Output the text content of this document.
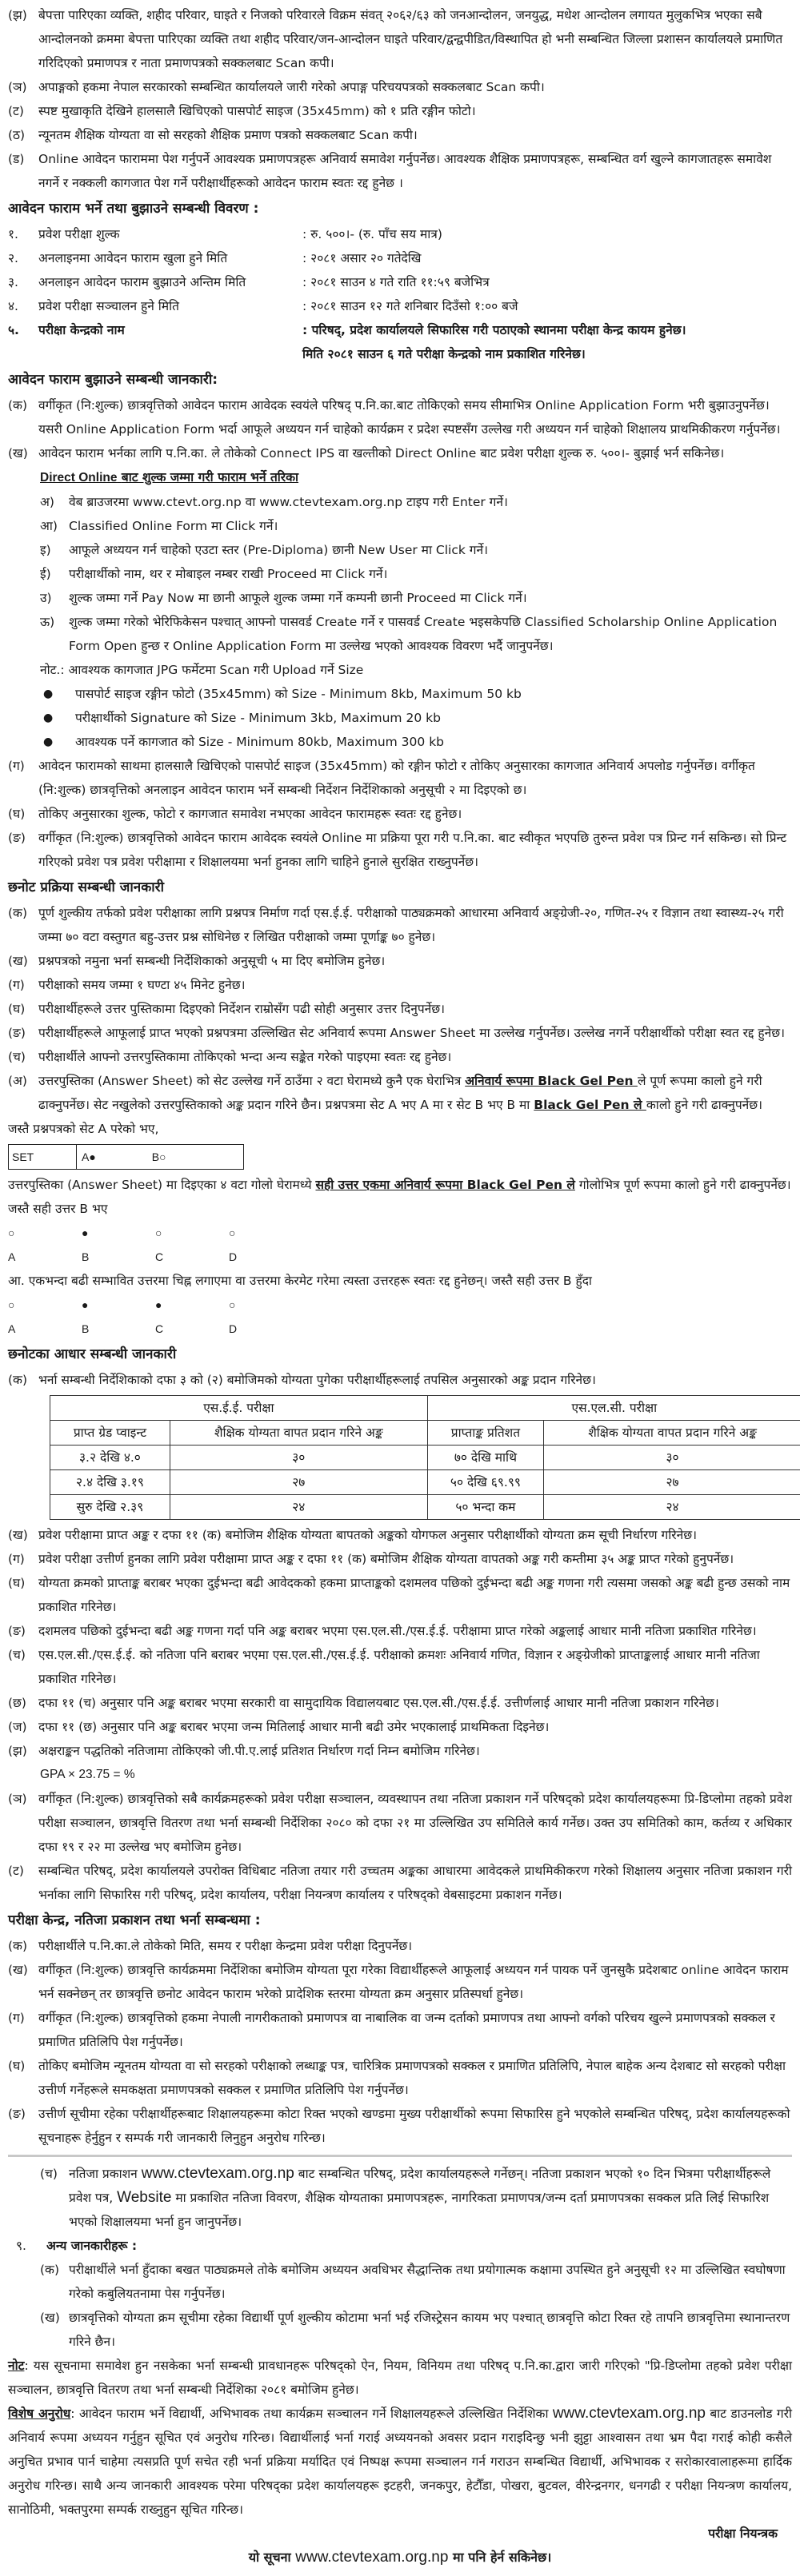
(झ) बेपत्ता पारिएका व्यक्ति, शहीद परिवार, घाइते र निजको परिवारले विक्रम संवत् २०६२/६३ को जनआन्दोलन, जनयुद्ध, मधेश आन्दोलन लगायत मुलुकभित्र भएका सबै आन्दोलनको क्रममा बेपत्ता पारिएका व्यक्ति तथा शहीद परिवार/जन-आन्दोलन घाइते परिवार/द्वन्द्वपीडित/विस्थापित हो भनी सम्बन्धित जिल्ला प्रशासन कार्यालयले प्रमाणित गरिदिएको प्रमाणपत्र र नाता प्रमाणपत्रको सक्कलबाट Scan कपी।
(ञ) अपाङ्गको हकमा नेपाल सरकारको सम्बन्धित कार्यालयले जारी गरेको अपाङ्ग परिचयपत्रको सक्कलबाट Scan कपी।
(ट)	स्पष्ट मुखाकृति देखिने हालसालै खिचिएको पासपोर्ट साइज (35x45mm) को १ प्रति रङ्गीन फोटो।
(ठ)	न्यूनतम शैक्षिक योग्यता वा सो सरहको शैक्षिक प्रमाण पत्रको सक्कलबाट Scan कपी।
(ड)	Online आवेदन फाराममा पेश गर्नुपर्ने आवश्यक प्रमाणपत्रहरू अनिवार्य समावेश गर्नुपर्नेछ। आवश्यक शैक्षिक प्रमाणपत्रहरू, सम्बन्धित वर्ग खुल्ने कागजातहरू समावेश नगर्ने र नक्कली कागजात पेश गर्ने परीक्षार्थीहरूको आवेदन फाराम स्वतः रद्द हुनेछ ।
आवेदन फाराम भर्ने तथा बुझाउने सम्बन्धी विवरण :
१.	प्रवेश परीक्षा शुल्क	: रु. ५००।- (रु. पाँच सय मात्र)
२.	अनलाइनमा आवेदन फाराम खुला हुने मिति	: २०८१ असार २० गतेदेखि
३.	अनलाइन आवेदन फाराम बुझाउने अन्तिम मिति	: २०८१ साउन ४ गते राति ११:५९ बजेभित्र
४.	प्रवेश परीक्षा सञ्चालन हुने मिति	: २०८१ साउन १२ गते शनिबार दिउँसो १:०० बजे
५.	परीक्षा केन्द्रको नाम	: परिषद्, प्रदेश कार्यालयले सिफारिस गरी पठाएको स्थानमा परीक्षा केन्द्र कायम हुनेछ।
मिति २०८१ साउन ६ गते परीक्षा केन्द्रको नाम प्रकाशित गरिनेछ।
आवेदन फाराम बुझाउने सम्बन्धी जानकारी:
(क) वर्गीकृत (नि:शुल्क) छात्रवृत्तिको आवेदन फाराम आवेदक स्वयंले परिषद् प.नि.का.बाट तोकिएको समय सीमाभित्र Online Application Form भरी बुझाउनुपर्नेछ। यसरी Online Application Form भर्दा आफूले अध्ययन गर्न चाहेको कार्यक्रम र प्रदेश स्पष्टसँग उल्लेख गरी अध्ययन गर्न चाहेको शिक्षालय प्राथमिकीकरण गर्नुपर्नेछ।
(ख) आवेदन फाराम भर्नका लागि प.नि.का. ले तोकेको Connect IPS वा खल्तीको Direct Online बाट प्रवेश परीक्षा शुल्क रु. ५००।- बुझाई भर्न सकिनेछ।
Direct Online बाट शुल्क जम्मा गरी फाराम भर्ने तरिका
अ)	वेब ब्राउजरमा www.ctevt.org.np वा www.ctevtexam.org.np टाइप गरी Enter गर्ने।
आ) Classified Online Form मा Click गर्ने।
इ)	आफूले अध्ययन गर्न चाहेको एउटा स्तर (Pre-Diploma) छानी New User मा Click गर्ने।
ई)	परीक्षार्थीको नाम, थर र मोबाइल नम्बर राखी Proceed मा Click गर्ने।
उ)	शुल्क जम्मा गर्ने Pay Now मा छानी आफूले शुल्क जम्मा गर्ने कम्पनी छानी Proceed मा Click गर्ने।
ऊ)	शुल्क जम्मा गरेको भेरिफिकेसन पश्चात् आफ्नो पासवर्ड Create गर्ने र पासवर्ड Create भइसकेपछि Classified Scholarship Online Application Form Open हुन्छ र Online Application Form मा उल्लेख भएको आवश्यक विवरण भर्दै जानुपर्नेछ।
नोट.: आवश्यक कागजात JPG फर्मेटमा Scan गरी Upload गर्ने Size
●	पासपोर्ट साइज रङ्गीन फोटो (35x45mm) को Size - Minimum 8kb, Maximum 50 kb
●	परीक्षार्थीको Signature को Size - Minimum 3kb, Maximum 20 kb
●	आवश्यक पर्ने कागजात को Size - Minimum 80kb, Maximum 300 kb
(ग)	आवेदन फारामको साथमा हालसालै खिचिएको पासपोर्ट साइज (35x45mm) को रङ्गीन फोटो र तोकिए अनुसारका कागजात अनिवार्य अपलोड गर्नुपर्नेछ। वर्गीकृत (नि:शुल्क) छात्रवृत्तिको अनलाइन आवेदन फाराम भर्ने सम्बन्धी निर्देशन निर्देशिकाको अनुसूची २ मा दिइएको छ।
(घ)	तोकिए अनुसारका शुल्क, फोटो र कागजात समावेश नभएका आवेदन फारामहरू स्वतः रद्द हुनेछ।
(ङ)	वर्गीकृत (नि:शुल्क) छात्रवृत्तिको आवेदन फाराम आवेदक स्वयंले Online मा प्रक्रिया पूरा गरी प.नि.का. बाट स्वीकृत भएपछि तुरुन्त प्रवेश पत्र प्रिन्ट गर्न सकिन्छ। सो प्रिन्ट गरिएको प्रवेश पत्र प्रवेश परीक्षामा र शिक्षालयमा भर्ना हुनका लागि चाहिने हुनाले सुरक्षित राख्नुपर्नेछ।
छनोट प्रक्रिया सम्बन्धी जानकारी
(क) पूर्ण शुल्कीय तर्फको प्रवेश परीक्षाका लागि प्रश्नपत्र निर्माण गर्दा एस.ई.ई. परीक्षाको पाठ्यक्रमको आधारमा अनिवार्य अङ्ग्रेजी-२०, गणित-२५ र विज्ञान तथा स्वास्थ्य-२५ गरी जम्मा ७० वटा वस्तुगत बहु-उत्तर प्रश्न सोधिनेछ र लिखित परीक्षाको जम्मा पूर्णाङ्क ७० हुनेछ।
(ख) प्रश्नपत्रको नमुना भर्ना सम्बन्धी निर्देशिकाको अनुसूची ५ मा दिए बमोजिम हुनेछ।
(ग)	परीक्षाको समय जम्मा १ घण्टा ४५ मिनेट हुनेछ।
(घ)	परीक्षार्थीहरूले उत्तर पुस्तिकामा दिइएको निर्देशन राम्रोसँग पढी सोही अनुसार उत्तर दिनुपर्नेछ।
(ङ)	परीक्षार्थीहरूले आफूलाई प्राप्त भएको प्रश्नपत्रमा उल्लिखित सेट अनिवार्य रूपमा Answer Sheet मा उल्लेख गर्नुपर्नेछ। उल्लेख नगर्ने परीक्षार्थीको परीक्षा स्वत रद्द हुनेछ।
(च)	परीक्षार्थीले आफ्नो उत्तरपुस्तिकामा तोकिएको भन्दा अन्य सङ्केत गरेको पाइएमा स्वतः रद्द हुनेछ।
(अ) उत्तरपुस्तिका (Answer Sheet) को सेट उल्लेख गर्ने ठाउँमा २ वटा घेरामध्ये कुनै एक घेराभित्र अनिवार्य रूपमा Black Gel Pen ले पूर्ण रूपमा कालो हुने गरी ढाक्नुपर्नेछ। सेट नखुलेको उत्तरपुस्तिकाको अङ्क प्रदान गरिने छैन। प्रश्नपत्रमा सेट A भए A मा र सेट B भए B मा Black Gel Pen ले कालो हुने गरी ढाक्नुपर्नेछ।
जस्तै प्रश्नपत्रको सेट A परेको भए,
SET	A●	B○
उत्तरपुस्तिका (Answer Sheet) मा दिइएका ४ वटा गोलो घेरामध्ये सही उत्तर एकमा अनिवार्य रूपमा Black Gel Pen ले गोलोभित्र पूर्ण रूपमा कालो हुने गरी ढाक्नुपर्नेछ। जस्तै सही उत्तर B भए
○	●	○	○
A	B	C	D
आ. एकभन्दा बढी सम्भावित उत्तरमा चिह्न लगाएमा वा उत्तरमा केरमेट गरेमा त्यस्ता उत्तरहरू स्वतः रद्द हुनेछन्। जस्तै सही उत्तर B हुँदा
○	●	●	○
A	B	C	D
छनोटका आधार सम्बन्धी जानकारी
(क) भर्ना सम्बन्धी निर्देशिकाको दफा ३ को (२) बमोजिमको योग्यता पुगेका परीक्षार्थीहरूलाई तपसिल अनुसारको अङ्क प्रदान गरिनेछ।
एस.ई.ई. परीक्षा		एस.एल.सी. परीक्षा	
प्राप्त ग्रेड प्वाइन्ट	शैक्षिक योग्यता वापत प्रदान गरिने अङ्क	प्राप्ताङ्क प्रतिशत	शैक्षिक योग्यता वापत प्रदान गरिने अङ्क
३.२ देखि ४.०	३०	७० देखि माथि	३०
२.४ देखि ३.१९	२७	५० देखि ६९.९९	२७
सुरु देखि २.३९	२४	५० भन्दा कम	२४
(ख) प्रवेश परीक्षामा प्राप्त अङ्क र दफा ११ (क) बमोजिम शैक्षिक योग्यता बापतको अङ्कको योगफल अनुसार परीक्षार्थीको योग्यता क्रम सूची निर्धारण गरिनेछ।
(ग)	प्रवेश परीक्षा उत्तीर्ण हुनका लागि प्रवेश परीक्षामा प्राप्त अङ्क र दफा ११ (क) बमोजिम शैक्षिक योग्यता वापतको अङ्क गरी कम्तीमा ३५ अङ्क प्राप्त गरेको हुनुपर्नेछ।
(घ)	योग्यता क्रमको प्राप्ताङ्क बराबर भएका दुईभन्दा बढी आवेदकको हकमा प्राप्ताङ्कको दशमलव पछिको दुईभन्दा बढी अङ्क गणना गरी त्यसमा जसको अङ्क बढी हुन्छ उसको नाम प्रकाशित गरिनेछ।
(ङ)	दशमलव पछिको दुईभन्दा बढी अङ्क गणना गर्दा पनि अङ्क बराबर भएमा एस.एल.सी./एस.ई.ई. परीक्षामा प्राप्त गरेको अङ्कलाई आधार मानी नतिजा प्रकाशित गरिनेछ।
(च)	एस.एल.सी./एस.ई.ई. को नतिजा पनि बराबर भएमा एस.एल.सी./एस.ई.ई. परीक्षाको क्रमशः अनिवार्य गणित, विज्ञान र अङ्ग्रेजीको प्राप्ताङ्कलाई आधार मानी नतिजा प्रकाशित गरिनेछ।
(छ) दफा ११ (च) अनुसार पनि अङ्क बराबर भएमा सरकारी वा सामुदायिक विद्यालयबाट एस.एल.सी./एस.ई.ई. उत्तीर्णलाई आधार मानी नतिजा प्रकाशन गरिनेछ।
(ज) दफा ११ (छ) अनुसार पनि अङ्क बराबर भएमा जन्म मितिलाई आधार मानी बढी उमेर भएकालाई प्राथमिकता दिइनेछ।
(झ) अक्षराङ्कन पद्धतिको नतिजामा तोकिएको जी.पी.ए.लाई प्रतिशत निर्धारण गर्दा निम्न बमोजिम गरिनेछ।
GPA × 23.75 = %
(ञ) वर्गीकृत (नि:शुल्क) छात्रवृत्तिको सबै कार्यक्रमहरूको प्रवेश परीक्षा सञ्चालन, व्यवस्थापन तथा नतिजा प्रकाशन गर्ने परिषद्को प्रदेश कार्यालयहरूमा प्रि-डिप्लोमा तहको प्रवेश परीक्षा सञ्चालन, छात्रवृत्ति वितरण तथा भर्ना सम्बन्धी निर्देशिका २०८० को दफा २१ मा उल्लिखित उप समितिले कार्य गर्नेछ। उक्त उप समितिको काम, कर्तव्य र अधिकार दफा १९ र २२ मा उल्लेख भए बमोजिम हुनेछ।
(ट)	सम्बन्धित परिषद्, प्रदेश कार्यालयले उपरोक्त विधिबाट नतिजा तयार गरी उच्चतम अङ्कका आधारमा आवेदकले प्राथमिकीकरण गरेको शिक्षालय अनुसार नतिजा प्रकाशन गरी भर्नाका लागि सिफारिस गरी परिषद्, प्रदेश कार्यालय, परीक्षा नियन्त्रण कार्यालय र परिषद्को वेबसाइटमा प्रकाशन गर्नेछ।
परीक्षा केन्द्र, नतिजा प्रकाशन तथा भर्ना सम्बन्धमा :
(क) परीक्षार्थीले प.नि.का.ले तोकेको मिति, समय र परीक्षा केन्द्रमा प्रवेश परीक्षा दिनुपर्नेछ।
(ख) वर्गीकृत (नि:शुल्क) छात्रवृत्ति कार्यक्रममा निर्देशिका बमोजिम योग्यता पूरा गरेका विद्यार्थीहरूले आफूलाई अध्ययन गर्न पायक पर्ने जुनसुकै प्रदेशबाट online आवेदन फाराम भर्न सक्नेछन् तर छात्रवृत्ति छनोट आवेदन फाराम भरेको प्रादेशिक स्तरमा योग्यता क्रम अनुसार प्रतिस्पर्धा हुनेछ।
(ग)	वर्गीकृत (नि:शुल्क) छात्रवृत्तिको हकमा नेपाली नागरीकताको प्रमाणपत्र वा नाबालिक वा जन्म दर्ताको प्रमाणपत्र तथा आफ्नो वर्गको परिचय खुल्ने प्रमाणपत्रको सक्कल र प्रमाणित प्रतिलिपि पेश गर्नुपर्नेछ।
(घ)	तोकिए बमोजिम न्यूनतम योग्यता वा सो सरहको परीक्षाको लब्धाङ्क पत्र, चारित्रिक प्रमाणपत्रको सक्कल र प्रमाणित प्रतिलिपि, नेपाल बाहेक अन्य देशबाट सो सरहको परीक्षा उत्तीर्ण गर्नेहरूले समकक्षता प्रमाणपत्रको सक्कल र प्रमाणित प्रतिलिपि पेश गर्नुपर्नेछ।
(ङ)	उत्तीर्ण सूचीमा रहेका परीक्षार्थीहरूबाट शिक्षालयहरूमा कोटा रिक्त भएको खण्डमा मुख्य परीक्षार्थीको रूपमा सिफारिस हुने भएकोले सम्बन्धित परिषद्, प्रदेश कार्यालयहरूको सूचनाहरू हेर्नुहुन र सम्पर्क गरी जानकारी लिनुहुन अनुरोध गरिन्छ।
(च) नतिजा प्रकाशन www.ctevtexam.org.np बाट सम्बन्धित परिषद्, प्रदेश कार्यालयहरूले गर्नेछन्। नतिजा प्रकाशन भएको १० दिन भित्रमा परीक्षार्थीहरूले प्रवेश पत्र, Website मा प्रकाशित नतिजा विवरण, शैक्षिक योग्यताका प्रमाणपत्रहरू, नागरिकता प्रमाणपत्र/जन्म दर्ता प्रमाणपत्रका सक्कल प्रति लिई सिफारिश भएको शिक्षालयमा भर्ना हुन जानुपर्नेछ।
९.	अन्य जानकारीहरू :
(क) परीक्षार्थीले भर्ना हुँदाका बखत पाठ्यक्रमले तोके बमोजिम अध्ययन अवधिभर सैद्धान्तिक तथा प्रयोगात्मक कक्षामा उपस्थित हुने अनुसूची १२ मा उल्लिखित स्वघोषणा गरेको कबुलियतनामा पेस गर्नुपर्नेछ।
(ख) छात्रवृत्तिको योग्यता क्रम सूचीमा रहेका विद्यार्थी पूर्ण शुल्कीय कोटामा भर्ना भई रजिस्ट्रेसन कायम भए पश्चात् छात्रवृत्ति कोटा रिक्त रहे तापनि छात्रवृत्तिमा स्थानान्तरण गरिने छैन।
नोट: यस सूचनामा समावेश हुन नसकेका भर्ना सम्बन्धी प्रावधानहरू परिषद्को ऐन, नियम, विनियम तथा परिषद् प.नि.का.द्वारा जारी गरिएको "प्रि-डिप्लोमा तहको प्रवेश परीक्षा सञ्चालन, छात्रवृत्ति वितरण तथा भर्ना सम्बन्धी निर्देशिका २०८१ बमोजिम हुनेछ।
विशेष अनुरोध: आवेदन फाराम भर्ने विद्यार्थी, अभिभावक तथा कार्यक्रम सञ्चालन गर्ने शिक्षालयहरूले उल्लिखित निर्देशिका www.ctevtexam.org.np बाट डाउनलोड गरी अनिवार्य रूपमा अध्ययन गर्नुहुन सूचित एवं अनुरोध गरिन्छ। विद्यार्थीलाई भर्ना गराई अध्ययनको अवसर प्रदान गराइदिन्छु भनी झुट्टा आश्वासन तथा भ्रम पैदा गराई कोही कसैले अनुचित प्रभाव पार्न चाहेमा त्यसप्रति पूर्ण सचेत रही भर्ना प्रक्रिया मर्यादित एवं निष्पक्ष रूपमा सञ्चालन गर्न गराउन सम्बन्धित विद्यार्थी, अभिभावक र सरोकारवालाहरूमा हार्दिक अनुरोध गरिन्छ। साथै अन्य जानकारी आवश्यक परेमा परिषद्का प्रदेश कार्यालयहरू इटहरी, जनकपुर, हेटौँडा, पोखरा, बुटवल, वीरेन्द्रनगर, धनगढी र परीक्षा नियन्त्रण कार्यालय, सानोठिमी, भक्तपुरमा सम्पर्क राख्नुहुन सूचित गरिन्छ।
परीक्षा नियन्त्रक
यो सूचना www.ctevtexam.org.np मा पनि हेर्न सकिनेछ।
